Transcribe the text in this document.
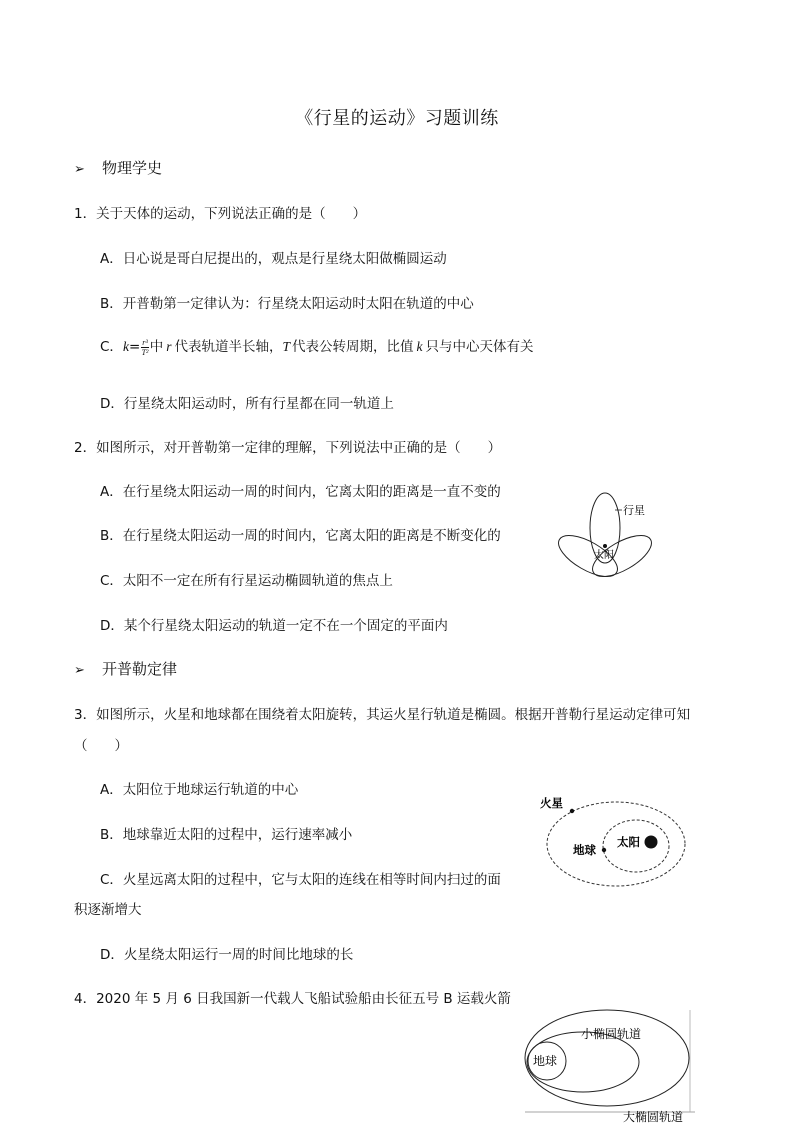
《行星的运动》习题训练
➢ 物理学史
1．关于天体的运动，下列说法正确的是（　　）
A．日心说是哥白尼提出的，观点是行星绕太阳做椭圆运动
B．开普勒第一定律认为：行星绕太阳运动时太阳在轨道的中心
C．$k= \frac{\text{r³}}{\text{T²}}$ 中 r 代表轨道半长轴，T 代表公转周期，比值 k 只与中心天体有关
D．行星绕太阳运动时，所有行星都在同一轨道上
2．如图所示，对开普勒第一定律的理解，下列说法中正确的是（　　）
A．在行星绕太阳运动一周的时间内，它离太阳的距离是一直不变的
B．在行星绕太阳运动一周的时间内，它离太阳的距离是不断变化的
C．太阳不一定在所有行星运动椭圆轨道的焦点上
D．某个行星绕太阳运动的轨道一定不在一个固定的平面内
行星
太阳
➢ 开普勒定律
3．如图所示，火星和地球都在围绕着太阳旋转，其运火星行轨道是椭圆。根据开普勒行星运动定律可知
（　　）
A．太阳位于地球运行轨道的中心
B．地球靠近太阳的过程中，运行速率减小
C．火星远离太阳的过程中，它与太阳的连线在相等时间内扫过的面
积逐渐增大
D．火星绕太阳运行一周的时间比地球的长
火星
地球
太阳
4．2020 年 5 月 6 日我国新一代载人飞船试验船由长征五号 B 运载火箭
地球
小椭圆轨道
大椭圆轨道
